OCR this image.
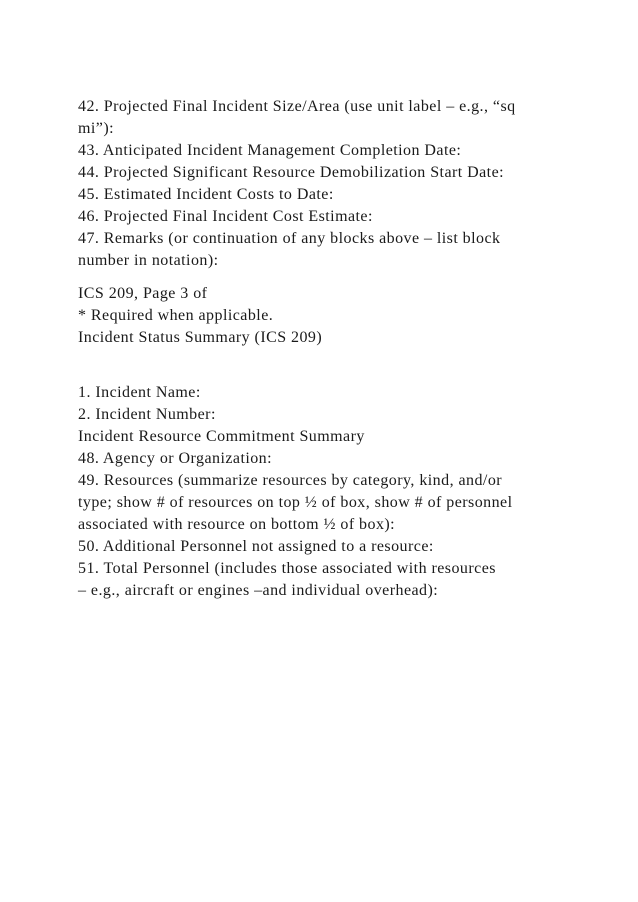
42. Projected Final Incident Size/Area (use unit label – e.g., “sq
mi”):
43. Anticipated Incident Management Completion Date:
44. Projected Significant Resource Demobilization Start Date:
45. Estimated Incident Costs to Date:
46. Projected Final Incident Cost Estimate:
47. Remarks (or continuation of any blocks above – list block
number in notation):
ICS 209, Page 3 of
* Required when applicable.
Incident Status Summary (ICS 209)
1. Incident Name:
2. Incident Number:
Incident Resource Commitment Summary
48. Agency or Organization:
49. Resources (summarize resources by category, kind, and/or
type; show # of resources on top ½ of box, show # of personnel
associated with resource on bottom ½ of box):
50. Additional Personnel not assigned to a resource:
51. Total Personnel (includes those associated with resources
– e.g., aircraft or engines –and individual overhead):
